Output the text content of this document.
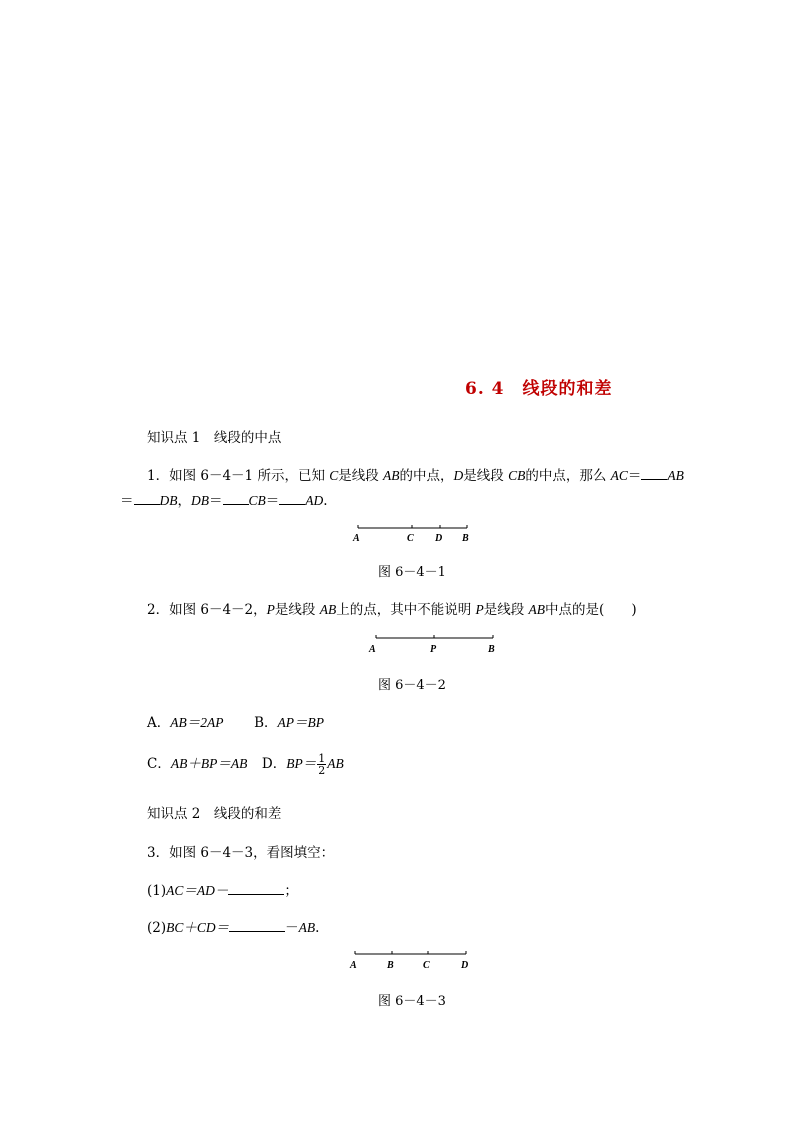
6. 4　线段的和差
知识点 1　线段的中点
1．如图 6－4－1 所示，已知 C是线段 AB的中点，D是线段 CB的中点，那么 AC＝ AB
＝ DB，DB＝ CB＝ AD.
A	C D B
图 6－4－1
2．如图 6－4－2，P是线段 AB上的点，其中不能说明 P是线段 AB中点的是(　　)
A	P	B
图 6－4－2
A．AB＝2AP B．AP＝BP
C．AB＋BP＝AB D．$BP= \frac{1}{2}$ AB
知识点 2　线段的和差
3．如图 6－4－3，看图填空：
(1)AC＝AD－	；
(2)BC＋CD＝	－AB.
A	B	C	D
图 6－4－3
